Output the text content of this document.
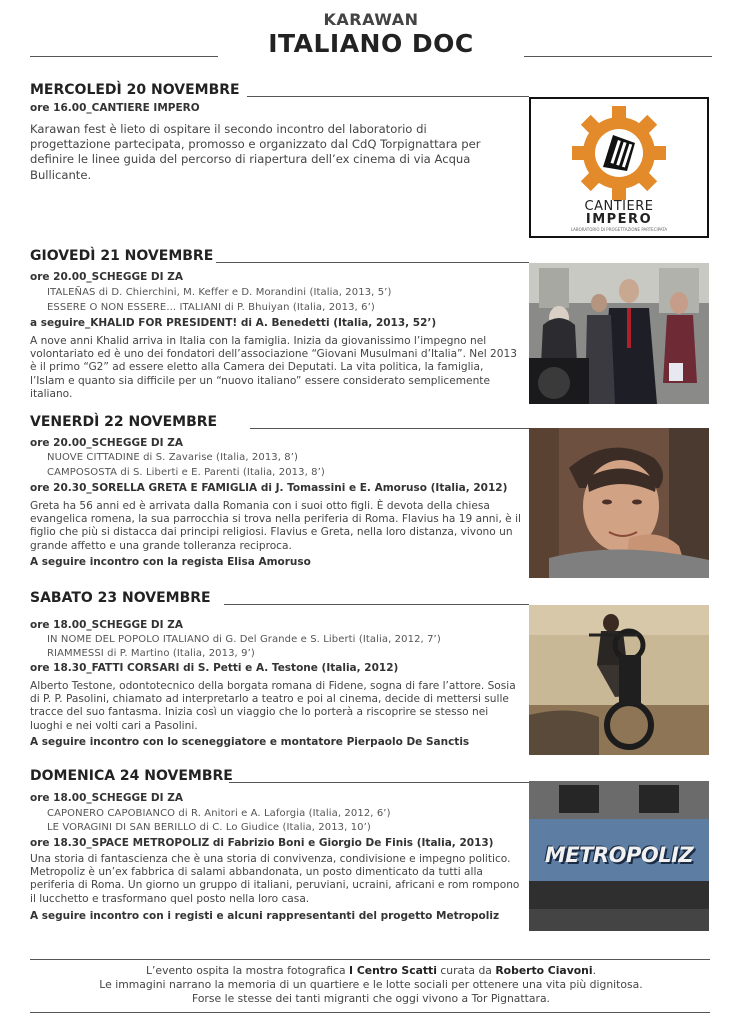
KARAWAN
ITALIANO DOC
MERCOLEDÌ 20 NOVEMBRE
ore 16.00_CANTIERE IMPERO
Karawan fest è lieto di ospitare il secondo incontro del laboratorio di progettazione partecipata, promosso e organizzato dal CdQ Torpignattara per definire le linee guida del percorso di riapertura dell’ex cinema di via Acqua Bullicante.
CANTIERE
IMPERO
LABORATORIO DI PROGETTAZIONE PARTECIPATA
GIOVEDÌ 21 NOVEMBRE
ore 20.00_SCHEGGE DI ZA
ITALEÑAS di D. Chierchini, M. Keffer e D. Morandini (Italia, 2013, 5’)
ESSERE O NON ESSERE... ITALIANI di P. Bhuiyan (Italia, 2013, 6’)
a seguire_KHALID FOR PRESIDENT! di A. Benedetti (Italia, 2013, 52’)
A nove anni Khalid arriva in Italia con la famiglia. Inizia da giovanissimo l’impegno nel volontariato ed è uno dei fondatori dell’associazione “Giovani Musulmani d’Italia”. Nel 2013 è il primo “G2” ad essere eletto alla Camera dei Deputati. La vita politica, la famiglia, l’Islam e quanto sia difficile per un “nuovo italiano” essere considerato semplicemente italiano.
VENERDÌ 22 NOVEMBRE
ore 20.00_SCHEGGE DI ZA
NUOVE CITTADINE di S. Zavarise (Italia, 2013, 8’)
CAMPOSOSTA di S. Liberti e E. Parenti (Italia, 2013, 8’)
ore 20.30_SORELLA GRETA E FAMIGLIA di J. Tomassini e E. Amoruso (Italia, 2012)
Greta ha 56 anni ed è arrivata dalla Romania con i suoi otto figli. È devota della chiesa evangelica romena, la sua parrocchia si trova nella periferia di Roma. Flavius ha 19 anni, è il figlio che più si distacca dai principi religiosi. Flavius e Greta, nella loro distanza, vivono un grande affetto e una grande tolleranza reciproca.
A seguire incontro con la regista Elisa Amoruso
SABATO 23 NOVEMBRE
ore 18.00_SCHEGGE DI ZA
IN NOME DEL POPOLO ITALIANO di G. Del Grande e S. Liberti (Italia, 2012, 7’)
RIAMMESSI di P. Martino (Italia, 2013, 9’)
ore 18.30_FATTI CORSARI di S. Petti e A. Testone (Italia, 2012)
Alberto Testone, odontotecnico della borgata romana di Fidene, sogna di fare l’attore. Sosia di P. P. Pasolini, chiamato ad interpretarlo a teatro e poi al cinema, decide di mettersi sulle tracce del suo fantasma. Inizia così un viaggio che lo porterà a riscoprire se stesso nei luoghi e nei volti cari a Pasolini.
A seguire incontro con lo sceneggiatore e montatore Pierpaolo De Sanctis
DOMENICA 24 NOVEMBRE
ore 18.00_SCHEGGE DI ZA
CAPONERO CAPOBIANCO di R. Anitori e A. Laforgia (Italia, 2012, 6’)
LE VORAGINI DI SAN BERILLO di C. Lo Giudice (Italia, 2013, 10’)
ore 18.30_SPACE METROPOLIZ di Fabrizio Boni e Giorgio De Finis (Italia, 2013)
Una storia di fantascienza che è una storia di convivenza, condivisione e impegno politico. Metropoliz è un’ex fabbrica di salami abbandonata, un posto dimenticato da tutti alla periferia di Roma. Un giorno un gruppo di italiani, peruviani, ucraini, africani e rom rompono il lucchetto e trasformano quel posto nella loro casa.
A seguire incontro con i registi e alcuni rappresentanti del progetto Metropoliz
METROPOLIZ
L’evento ospita la mostra fotografica I Centro Scatti curata da Roberto Ciavoni.
Le immagini narrano la memoria di un quartiere e le lotte sociali per ottenere una vita più dignitosa.
Forse le stesse dei tanti migranti che oggi vivono a Tor Pignattara.
